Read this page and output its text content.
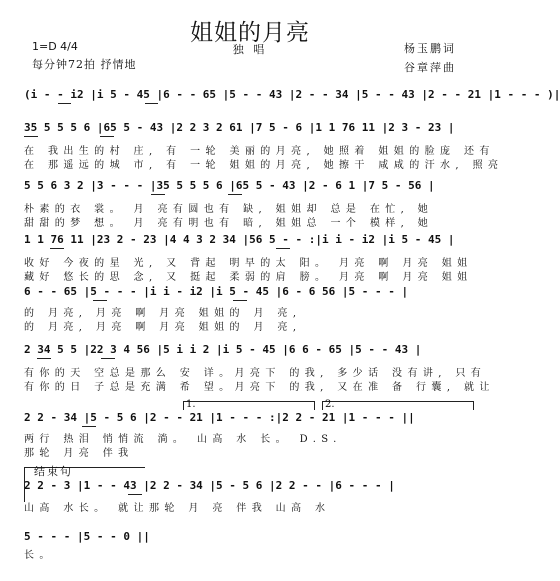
姐姐的月亮
独 唱
1=D 4/4
每分钟72拍 抒情地
杨玉鹏词
谷章萍曲
(i - - i2 |i 5 - 45 |6 - - 65 |5 - - 43 |2 - - 34 |5 - - 43 |2 - - 21 |1 - - - )|
35 5 5 5 6 |65 5 - 43 |2 2 3 2 61 |7 5 - 6 |1 1 76 11 |2 3 - 23 |
在 我出生的村 庄, 有 一轮 美丽的月亮, 她照着 姐姐的脸庞 还有
在 那遥远的城 市, 有 一轮 姐姐的月亮, 她擦干 咸咸的汗水, 照亮
5 5 6 3 2 |3 - - - |35 5 5 5 6 |65 5 - 43 |2 - 6 1 |7 5 - 56 |
朴素的衣 裳。 月 亮有圆也有 缺, 姐姐却 总是 在忙, 她
甜甜的梦 想。 月 亮有明也有 暗, 姐姐总 一个 模样, 她
1 1 76 11 |23 2 - 23 |4 4 3 2 34 |56 5 - - :|i i - i2 |i 5 - 45 |
收好 今夜的星 光, 又 背起 明早的太 阳。 月亮 啊 月亮 姐姐
藏好 悠长的思 念, 又 挺起 柔弱的肩 膀。 月亮 啊 月亮 姐姐
6 - - 65 |5 - - - |i i - i2 |i 5 - 45 |6 - 6 56 |5 - - - |
的 月亮, 月亮 啊 月亮 姐姐的 月 亮,
的 月亮, 月亮 啊 月亮 姐姐的 月 亮,
2 34 5 5 |22 3 4 56 |5 i i 2 |i 5 - 45 |6 6 - 65 |5 - - 43 |
有你的天 空总是那么 安 详。月亮下 的我, 多少话 没有讲, 只有
有你的日 子总是充满 希 望。月亮下 的我, 又在准 备 行囊, 就让
1.	2.
2 2 - 34 |5 - 5 6 |2 - - 21 |1 - - - :|2 2 - 21 |1 - - - ||
两行 热泪 悄悄流 淌。 山高 水 长。 D.S.
那轮 月亮 伴我
结束句
2 2 - 3 |1 - - 43 |2 2 - 34 |5 - 5 6 |2 2 - - |6 - - - |
山高 水长。 就让那轮 月 亮 伴我 山高 水
5 - - - |5 - - 0 ||
长。
